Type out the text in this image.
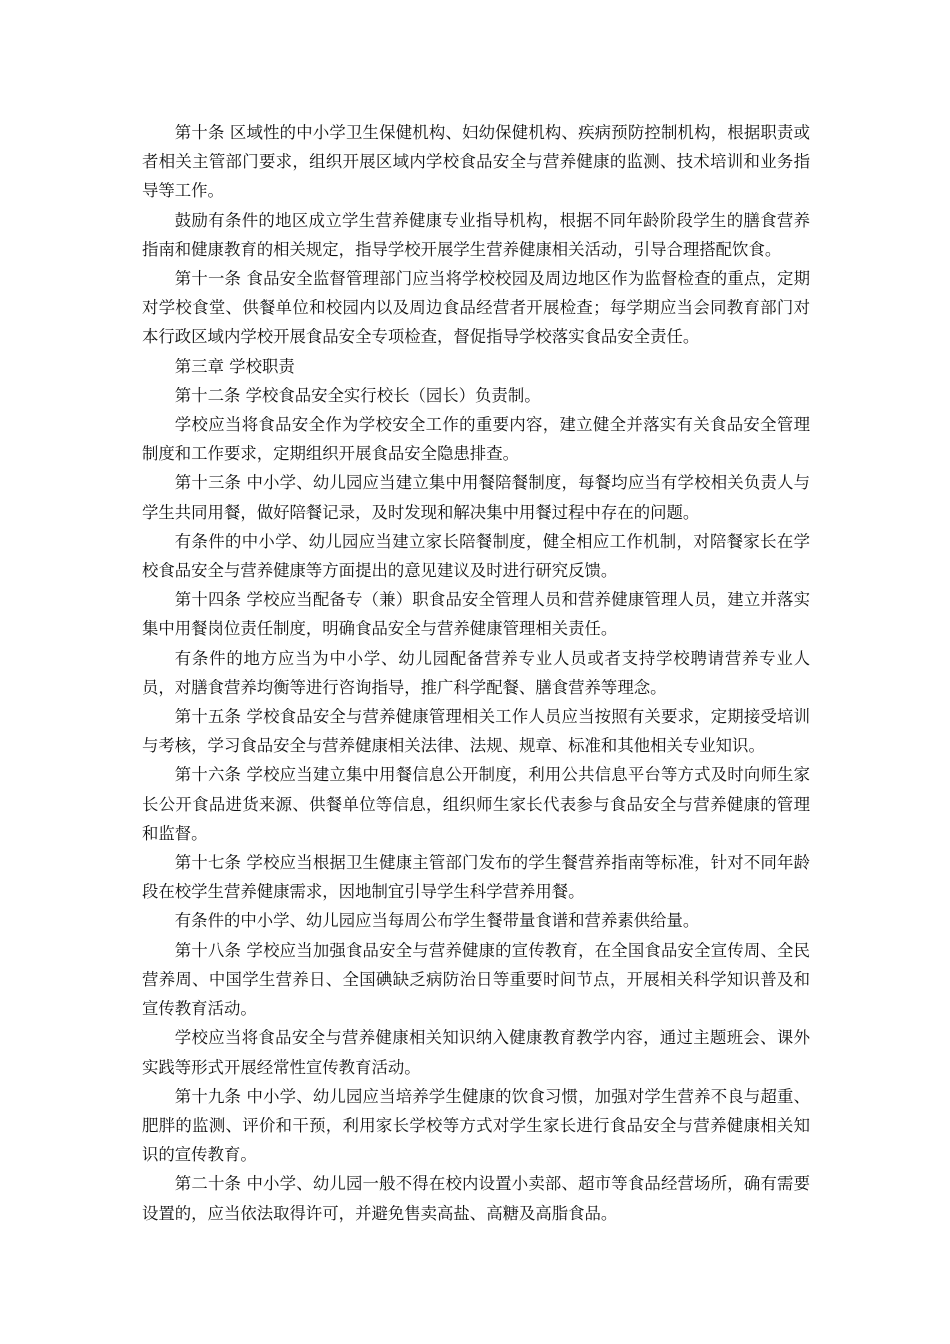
第十条 区域性的中小学卫生保健机构、妇幼保健机构、疾病预防控制机构，根据职责或者相关主管部门要求，组织开展区域内学校食品安全与营养健康的监测、技术培训和业务指导等工作。

鼓励有条件的地区成立学生营养健康专业指导机构，根据不同年龄阶段学生的膳食营养指南和健康教育的相关规定，指导学校开展学生营养健康相关活动，引导合理搭配饮食。

第十一条 食品安全监督管理部门应当将学校校园及周边地区作为监督检查的重点，定期对学校食堂、供餐单位和校园内以及周边食品经营者开展检查；每学期应当会同教育部门对本行政区域内学校开展食品安全专项检查，督促指导学校落实食品安全责任。

第三章 学校职责

第十二条 学校食品安全实行校长（园长）负责制。

学校应当将食品安全作为学校安全工作的重要内容，建立健全并落实有关食品安全管理制度和工作要求，定期组织开展食品安全隐患排查。

第十三条 中小学、幼儿园应当建立集中用餐陪餐制度，每餐均应当有学校相关负责人与学生共同用餐，做好陪餐记录，及时发现和解决集中用餐过程中存在的问题。

有条件的中小学、幼儿园应当建立家长陪餐制度，健全相应工作机制，对陪餐家长在学校食品安全与营养健康等方面提出的意见建议及时进行研究反馈。

第十四条 学校应当配备专（兼）职食品安全管理人员和营养健康管理人员，建立并落实集中用餐岗位责任制度，明确食品安全与营养健康管理相关责任。

有条件的地方应当为中小学、幼儿园配备营养专业人员或者支持学校聘请营养专业人员，对膳食营养均衡等进行咨询指导，推广科学配餐、膳食营养等理念。

第十五条 学校食品安全与营养健康管理相关工作人员应当按照有关要求，定期接受培训与考核，学习食品安全与营养健康相关法律、法规、规章、标准和其他相关专业知识。

第十六条 学校应当建立集中用餐信息公开制度，利用公共信息平台等方式及时向师生家长公开食品进货来源、供餐单位等信息，组织师生家长代表参与食品安全与营养健康的管理和监督。

第十七条 学校应当根据卫生健康主管部门发布的学生餐营养指南等标准，针对不同年龄段在校学生营养健康需求，因地制宜引导学生科学营养用餐。

有条件的中小学、幼儿园应当每周公布学生餐带量食谱和营养素供给量。

第十八条 学校应当加强食品安全与营养健康的宣传教育，在全国食品安全宣传周、全民营养周、中国学生营养日、全国碘缺乏病防治日等重要时间节点，开展相关科学知识普及和宣传教育活动。

学校应当将食品安全与营养健康相关知识纳入健康教育教学内容，通过主题班会、课外实践等形式开展经常性宣传教育活动。

第十九条 中小学、幼儿园应当培养学生健康的饮食习惯，加强对学生营养不良与超重、肥胖的监测、评价和干预，利用家长学校等方式对学生家长进行食品安全与营养健康相关知识的宣传教育。

第二十条 中小学、幼儿园一般不得在校内设置小卖部、超市等食品经营场所，确有需要设置的，应当依法取得许可，并避免售卖高盐、高糖及高脂食品。
